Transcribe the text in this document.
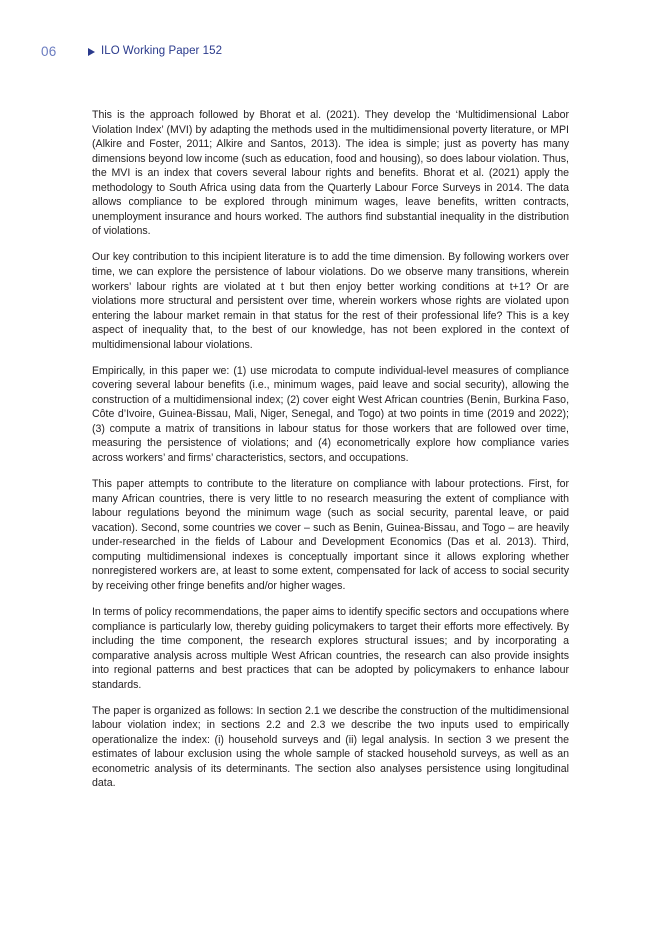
06	ILO Working Paper 152

This is the approach followed by Bhorat et al. (2021). They develop the ‘Multidimensional Labor Violation Index’ (MVI) by adapting the methods used in the multidimensional poverty literature, or MPI (Alkire and Foster, 2011; Alkire and Santos, 2013). The idea is simple; just as poverty has many dimensions beyond low income (such as education, food and housing), so does labour violation. Thus, the MVI is an index that covers several labour rights and benefits. Bhorat et al. (2021) apply the methodology to South Africa using data from the Quarterly Labour Force Surveys in 2014. The data allows compliance to be explored through minimum wages, leave benefits, written contracts, unemployment insurance and hours worked. The authors find substantial inequality in the distribution of violations.

Our key contribution to this incipient literature is to add the time dimension. By following workers over time, we can explore the persistence of labour violations. Do we observe many transitions, wherein workers’ labour rights are violated at t but then enjoy better working conditions at t+1? Or are violations more structural and persistent over time, wherein workers whose rights are violated upon entering the labour market remain in that status for the rest of their professional life? This is a key aspect of inequality that, to the best of our knowledge, has not been explored in the context of multidimensional labour violations.

Empirically, in this paper we: (1) use microdata to compute individual-level measures of compliance covering several labour benefits (i.e., minimum wages, paid leave and social security), allowing the construction of a multidimensional index; (2) cover eight West African countries (Benin, Burkina Faso, Côte d’Ivoire, Guinea-Bissau, Mali, Niger, Senegal, and Togo) at two points in time (2019 and 2022); (3) compute a matrix of transitions in labour status for those workers that are followed over time, measuring the persistence of violations; and (4) econometrically explore how compliance varies across workers’ and firms’ characteristics, sectors, and occupations.

This paper attempts to contribute to the literature on compliance with labour protections. First, for many African countries, there is very little to no research measuring the extent of compliance with labour regulations beyond the minimum wage (such as social security, parental leave, or paid vacation). Second, some countries we cover – such as Benin, Guinea-Bissau, and Togo – are heavily under-researched in the fields of Labour and Development Economics (Das et al. 2013). Third, computing multidimensional indexes is conceptually important since it allows exploring whether nonregistered workers are, at least to some extent, compensated for lack of access to social security by receiving other fringe benefits and/or higher wages.

In terms of policy recommendations, the paper aims to identify specific sectors and occupations where compliance is particularly low, thereby guiding policymakers to target their efforts more effectively. By including the time component, the research explores structural issues; and by incorporating a comparative analysis across multiple West African countries, the research can also provide insights into regional patterns and best practices that can be adopted by policymakers to enhance labour standards.

The paper is organized as follows: In section 2.1 we describe the construction of the multidimensional labour violation index; in sections 2.2 and 2.3 we describe the two inputs used to empirically operationalize the index: (i) household surveys and (ii) legal analysis. In section 3 we present the estimates of labour exclusion using the whole sample of stacked household surveys, as well as an econometric analysis of its determinants. The section also analyses persistence using longitudinal data.
